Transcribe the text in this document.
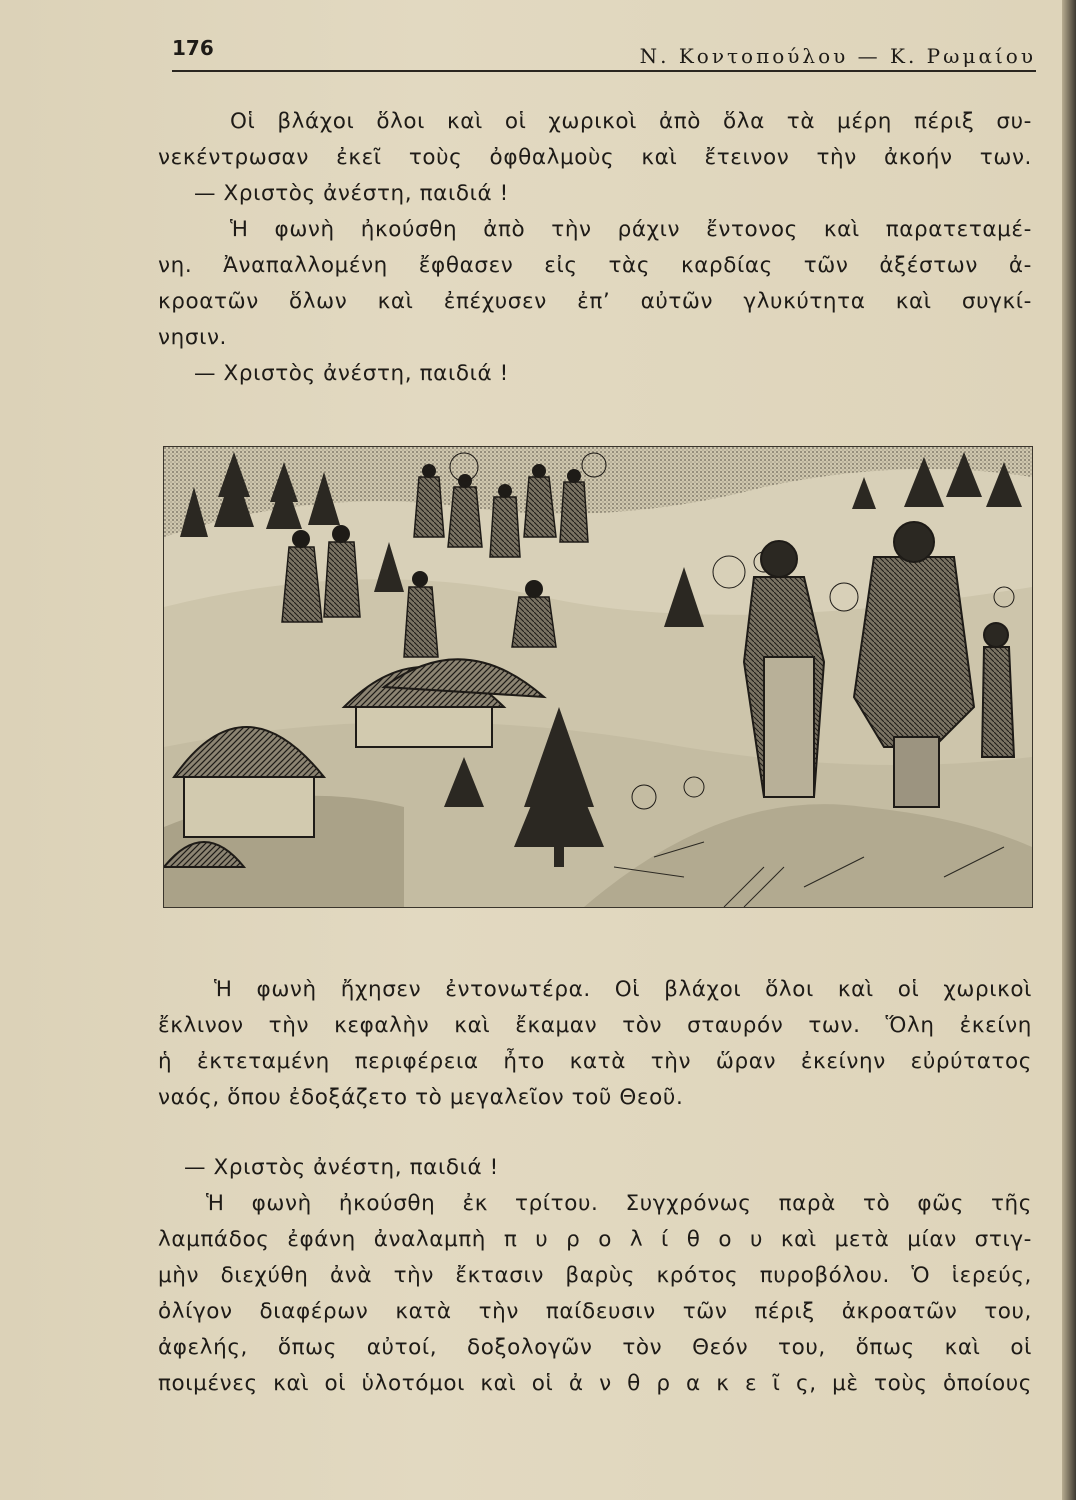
176	Ν. Κοντοπούλου — Κ. Ρωμαίου
Οἱ βλάχοι ὅλοι καὶ οἱ χωρικοὶ ἀπὸ ὅλα τὰ μέρη πέριξ συ-
νεκέντρωσαν ἐκεῖ τοὺς ὀφθαλμοὺς καὶ ἔτεινον τὴν ἀκοήν των.
— Χριστὸς ἀνέστη, παιδιά !
Ἡ φωνὴ ἠκούσθη ἀπὸ τὴν ράχιν ἔντονος καὶ παρατεταμέ-
νη. Ἀναπαλλομένη ἔφθασεν εἰς τὰς καρδίας τῶν ἀξέστων ἀ-
κροατῶν ὅλων καὶ ἐπέχυσεν ἐπ’ αὐτῶν γλυκύτητα καὶ συγκί-
νησιν.
— Χριστὸς ἀνέστη, παιδιά !
Ἡ φωνὴ ἤχησεν ἐντονωτέρα. Οἱ βλάχοι ὅλοι καὶ οἱ χωρικοὶ
ἔκλινον τὴν κεφαλὴν καὶ ἔκαμαν τὸν σταυρόν των. Ὅλη ἐκείνη
ἡ ἐκτεταμένη περιφέρεια ἦτο κατὰ τὴν ὥραν ἐκείνην εὐρύτατος
ναός, ὅπου ἐδοξάζετο τὸ μεγαλεῖον τοῦ Θεοῦ.
— Χριστὸς ἀνέστη, παιδιά !
Ἡ φωνὴ ἠκούσθη ἐκ τρίτου. Συγχρόνως παρὰ τὸ φῶς τῆς
λαμπάδος ἐφάνη ἀναλαμπὴ π υ ρ ο λ ί θ ο υ καὶ μετὰ μίαν στιγ-
μὴν διεχύθη ἀνὰ τὴν ἔκτασιν βαρὺς κρότος πυροβόλου. Ὁ ἱερεύς,
ὀλίγον διαφέρων κατὰ τὴν παίδευσιν τῶν πέριξ ἀκροατῶν του,
ἀφελής, ὅπως αὐτοί, δοξολογῶν τὸν Θεόν του, ὅπως καὶ οἱ
ποιμένες καὶ οἱ ὑλοτόμοι καὶ οἱ ἀ ν θ ρ α κ ε ῖ ς, μὲ τοὺς ὁποίους
